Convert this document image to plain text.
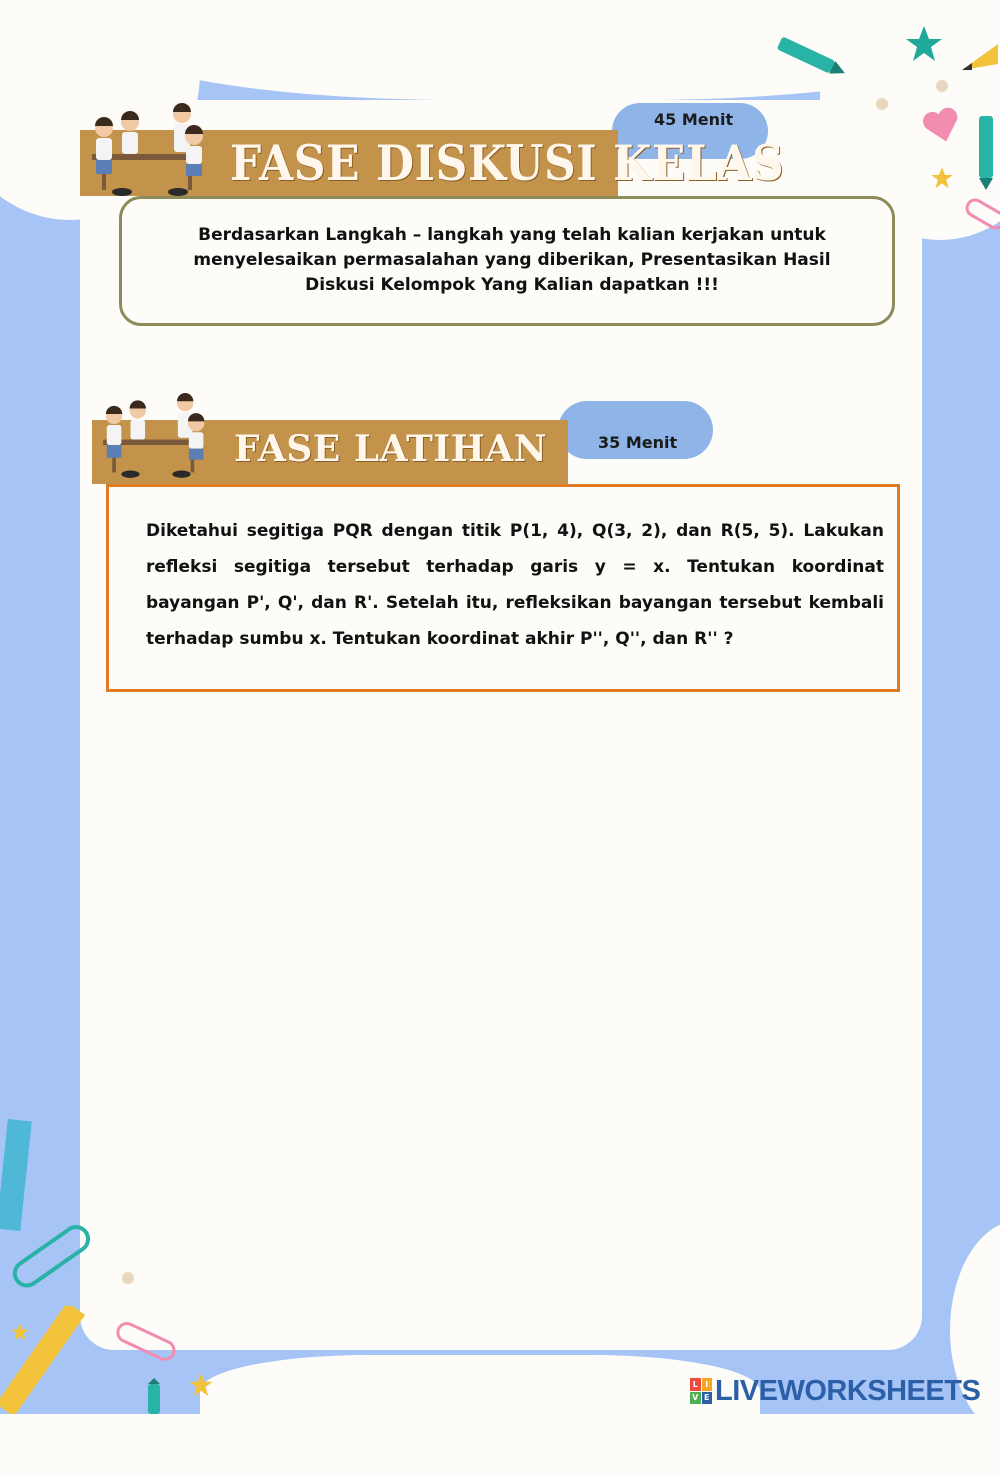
45 Menit
FASE DISKUSI KELAS

Berdasarkan Langkah – langkah yang telah kalian kerjakan untuk menyelesaikan permasalahan yang diberikan, Presentasikan Hasil Diskusi Kelompok Yang Kalian dapatkan !!!

35 Menit
FASE LATIHAN

Diketahui segitiga PQR dengan titik P(1, 4), Q(3, 2), dan R(5, 5). Lakukan refleksi segitiga tersebut terhadap garis y = x. Tentukan koordinat bayangan P', Q', dan R'. Setelah itu, refleksikan bayangan tersebut kembali terhadap sumbu x. Tentukan koordinat akhir P'', Q'', dan R'' ?

L I
V E LIVEWORKSHEETS
